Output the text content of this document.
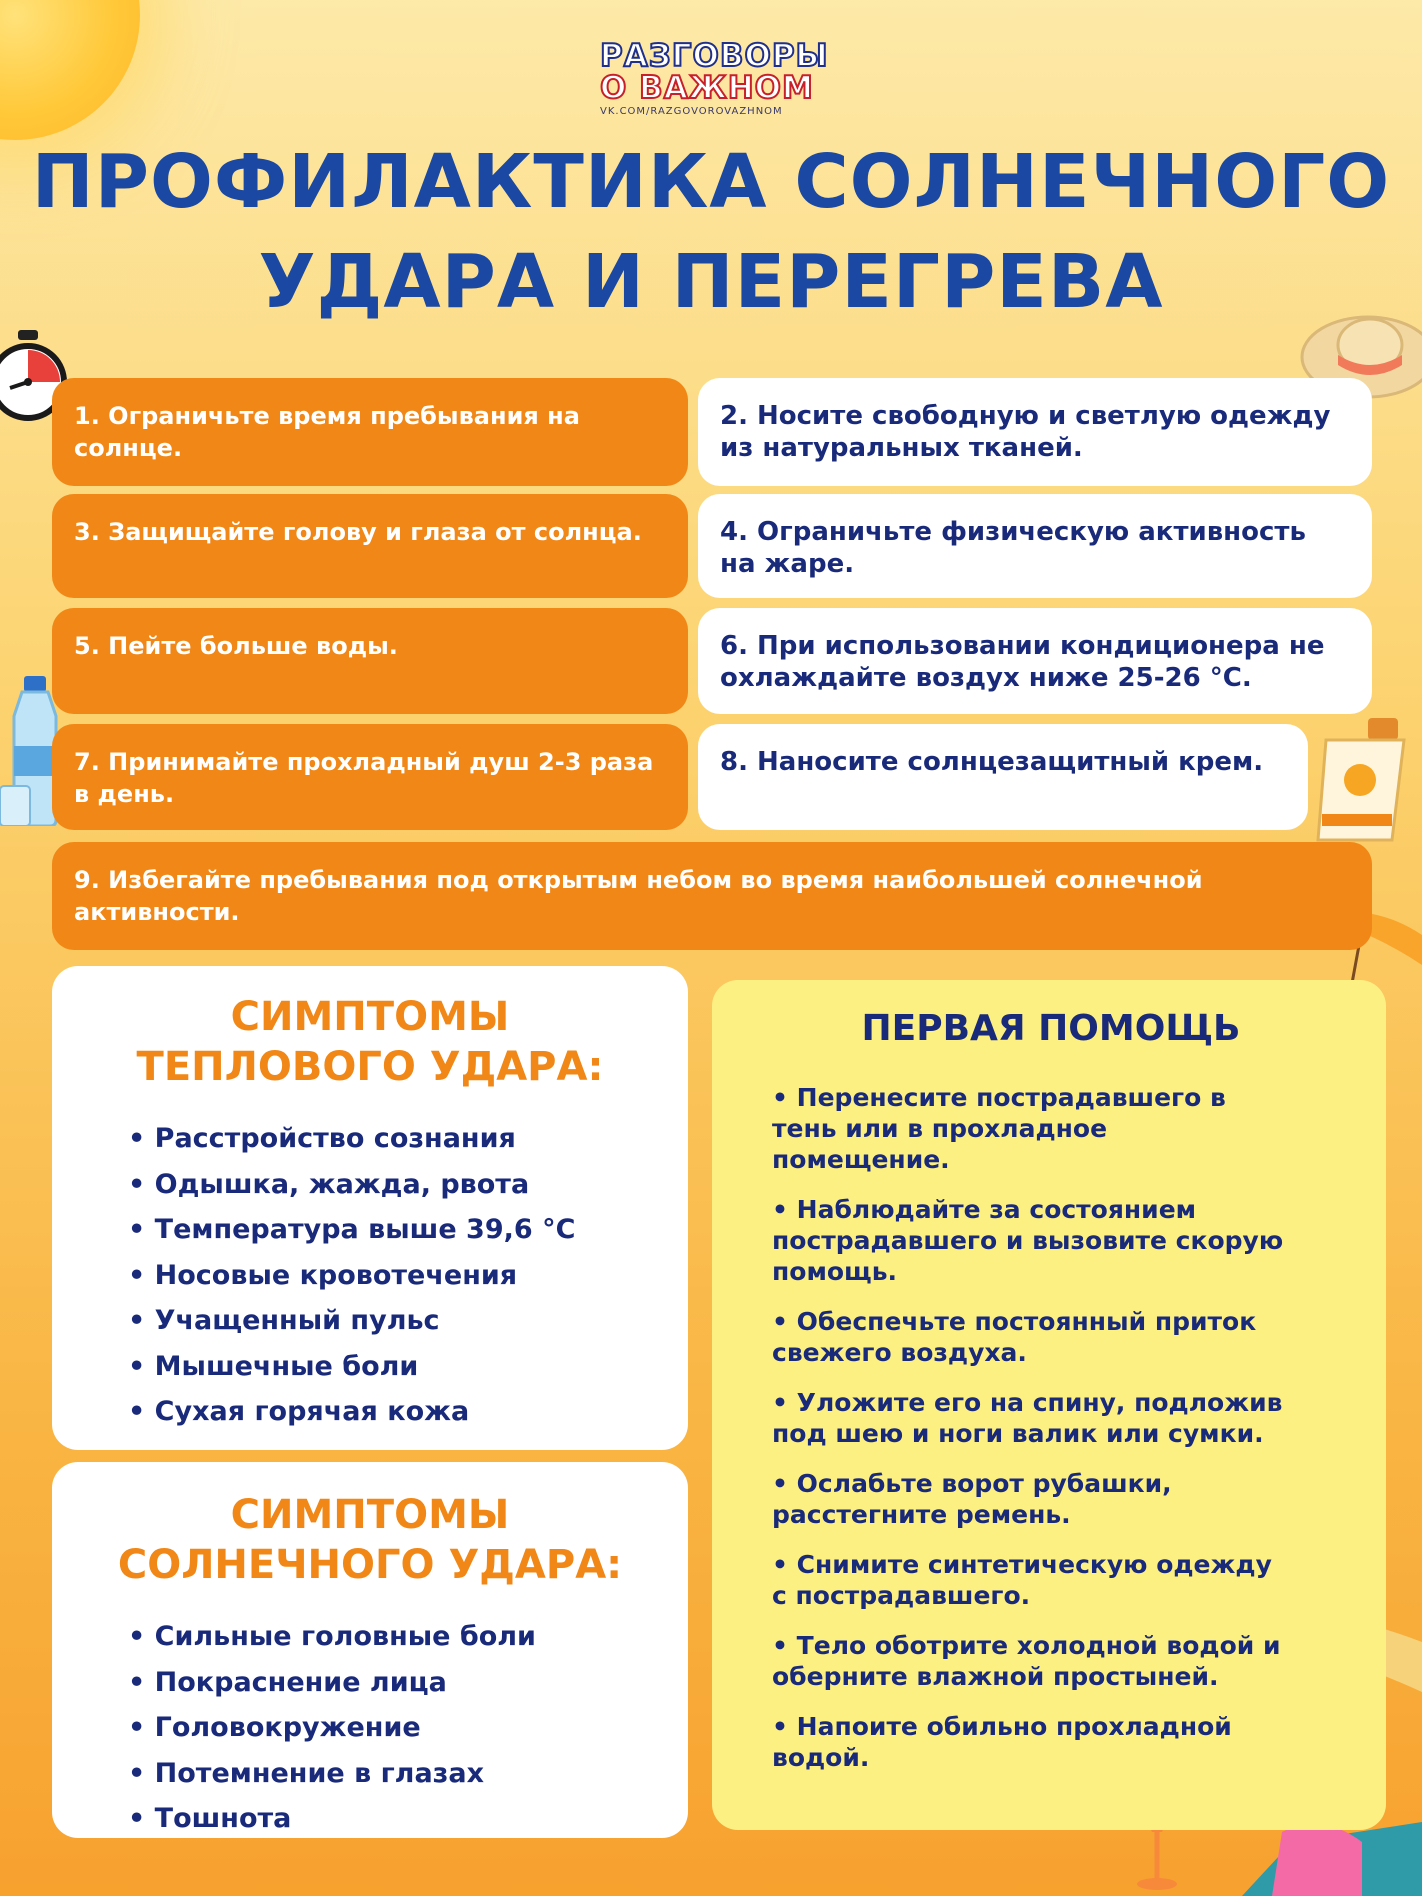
РАЗГОВОРЫ
О ВАЖНОМ
VK.COM/RAZGOVOROVAZHNOM
ПРОФИЛАКТИКА СОЛНЕЧНОГО
УДАРА И ПЕРЕГРЕВА
1. Ограничьте время пребывания на солнце.
2. Носите свободную и светлую одежду из натуральных тканей.
3. Защищайте голову и глаза от солнца.	4. Ограничьте физическую активность на жаре.
5. Пейте больше воды.	6. При использовании кондиционера не охлаждайте воздух ниже 25-26 °С.
7. Принимайте прохладный душ 2-3 раза в день.
8. Наносите солнцезащитный крем.
9. Избегайте пребывания под открытым небом во время наибольшей солнечной активности.
СИМПТОМЫ
ТЕПЛОВОГО УДАРА:
• Расстройство сознания
• Одышка, жажда, рвота
• Температура выше 39,6 °С
• Носовые кровотечения
• Учащенный пульс
• Мышечные боли
• Сухая горячая кожа
СИМПТОМЫ
СОЛНЕЧНОГО УДАРА:
• Сильные головные боли
• Покраснение лица
• Головокружение
• Потемнение в глазах
• Тошнота
ПЕРВАЯ ПОМОЩЬ
• Перенесите пострадавшего в тень или в прохладное помещение.
• Наблюдайте за состоянием пострадавшего и вызовите скорую помощь.
• Обеспечьте постоянный приток свежего воздуха.
• Уложите его на спину, подложив под шею и ноги валик или сумки.
• Ослабьте ворот рубашки, расстегните ремень.
• Снимите синтетическую одежду с пострадавшего.
• Тело оботрите холодной водой и оберните влажной простыней.
• Напоите обильно прохладной водой.
